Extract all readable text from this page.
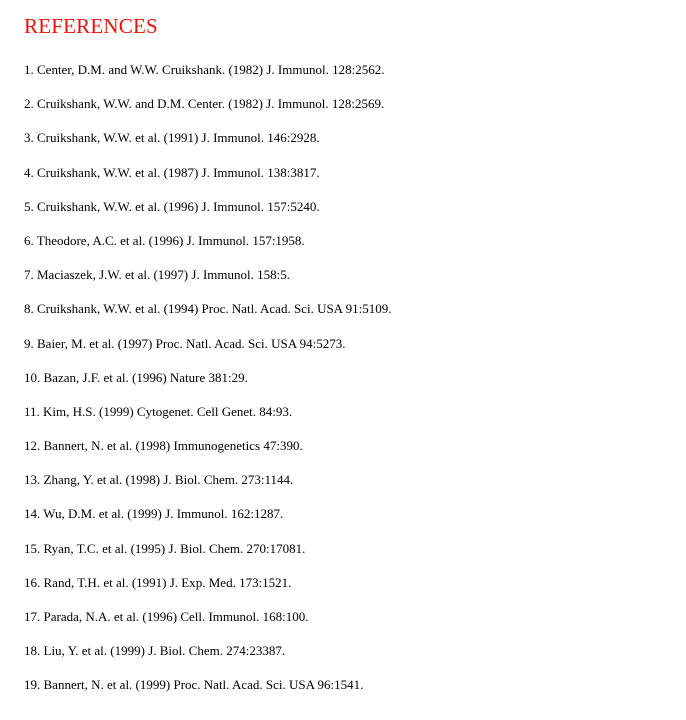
REFERENCES
1. Center, D.M. and W.W. Cruikshank. (1982) J. Immunol. 128:2562.
2. Cruikshank, W.W. and D.M. Center. (1982) J. Immunol. 128:2569.
3. Cruikshank, W.W. et al. (1991) J. Immunol. 146:2928.
4. Cruikshank, W.W. et al. (1987) J. Immunol. 138:3817.
5. Cruikshank, W.W. et al. (1996) J. Immunol. 157:5240.
6. Theodore, A.C. et al. (1996) J. Immunol. 157:1958.
7. Maciaszek, J.W. et al. (1997) J. Immunol. 158:5.
8. Cruikshank, W.W. et al. (1994) Proc. Natl. Acad. Sci. USA 91:5109.
9. Baier, M. et al. (1997) Proc. Natl. Acad. Sci. USA 94:5273.
10. Bazan, J.F. et al. (1996) Nature 381:29.
11. Kim, H.S. (1999) Cytogenet. Cell Genet. 84:93.
12. Bannert, N. et al. (1998) Immunogenetics 47:390.
13. Zhang, Y. et al. (1998) J. Biol. Chem. 273:1144.
14. Wu, D.M. et al. (1999) J. Immunol. 162:1287.
15. Ryan, T.C. et al. (1995) J. Biol. Chem. 270:17081.
16. Rand, T.H. et al. (1991) J. Exp. Med. 173:1521.
17. Parada, N.A. et al. (1996) Cell. Immunol. 168:100.
18. Liu, Y. et al. (1999) J. Biol. Chem. 274:23387.
19. Bannert, N. et al. (1999) Proc. Natl. Acad. Sci. USA 96:1541.
